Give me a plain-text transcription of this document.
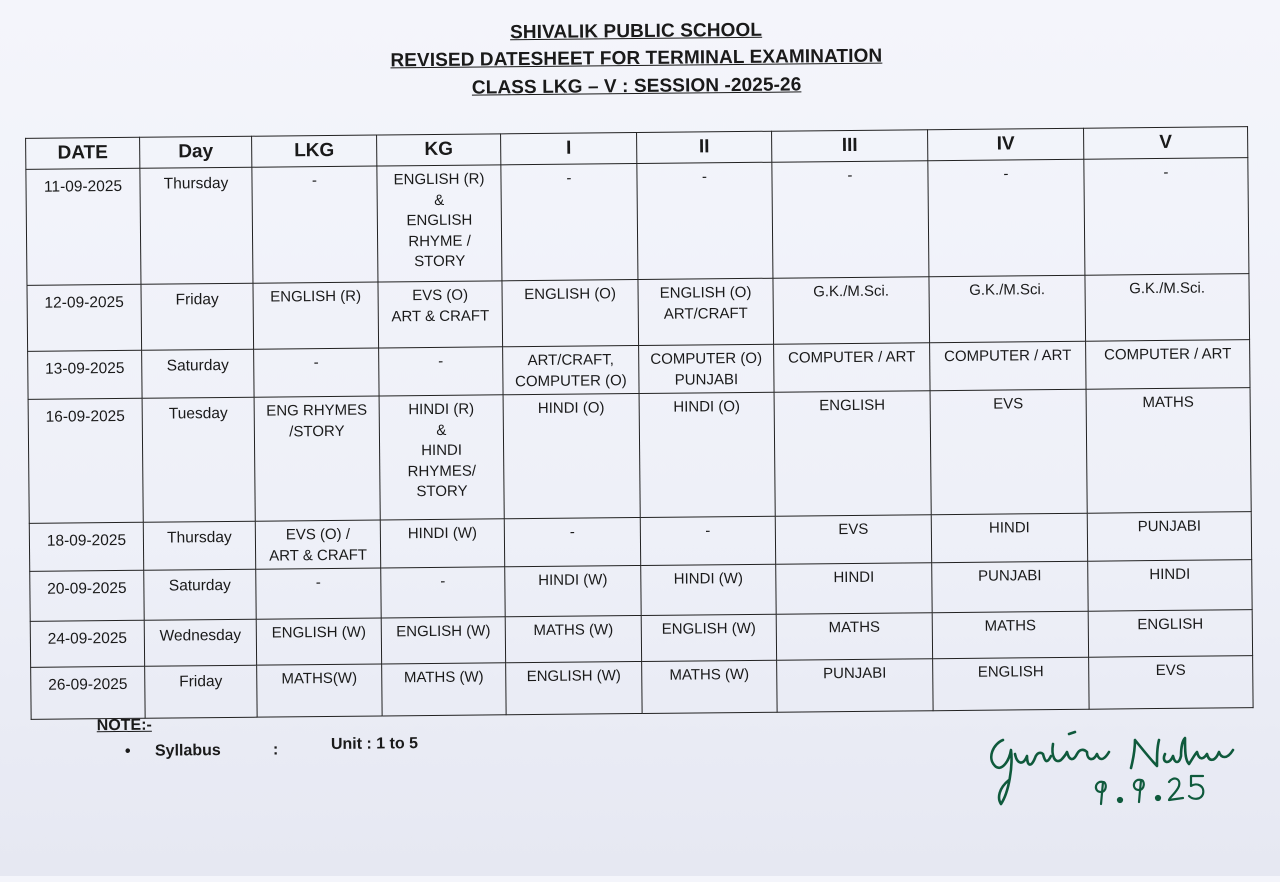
SHIVALIK PUBLIC SCHOOL
REVISED DATESHEET FOR TERMINAL EXAMINATION
CLASS LKG – V : SESSION -2025-26
DATE	Day	LKG	KG	I	II	III	IV	V
11-09-2025	Thursday	-	ENGLISH (R)
&
ENGLISH
RHYME /
STORY	-	-	-	-	-
12-09-2025	Friday	ENGLISH (R)	EVS (O)
ART & CRAFT	ENGLISH (O)	ENGLISH (O)
ART/CRAFT	G.K./M.Sci.	G.K./M.Sci.	G.K./M.Sci.
13-09-2025	Saturday	-	-	ART/CRAFT,
COMPUTER (O)	COMPUTER (O)
PUNJABI	COMPUTER / ART	COMPUTER / ART	COMPUTER / ART
16-09-2025	Tuesday	ENG RHYMES
/STORY	HINDI (R)
&
HINDI
RHYMES/
STORY	HINDI (O)	HINDI (O)	ENGLISH	EVS	MATHS
18-09-2025	Thursday	EVS (O) /
ART & CRAFT	HINDI (W)	-	-	EVS	HINDI	PUNJABI
20-09-2025	Saturday	-	-	HINDI (W)	HINDI (W)	HINDI	PUNJABI	HINDI
24-09-2025	Wednesday	ENGLISH (W)	ENGLISH (W)	MATHS (W)	ENGLISH (W)	MATHS	MATHS	ENGLISH
26-09-2025	Friday	MATHS(W)	MATHS (W)	ENGLISH (W)	MATHS (W)	PUNJABI	ENGLISH	EVS
NOTE:-
• Syllabus	:	Unit : 1 to 5
